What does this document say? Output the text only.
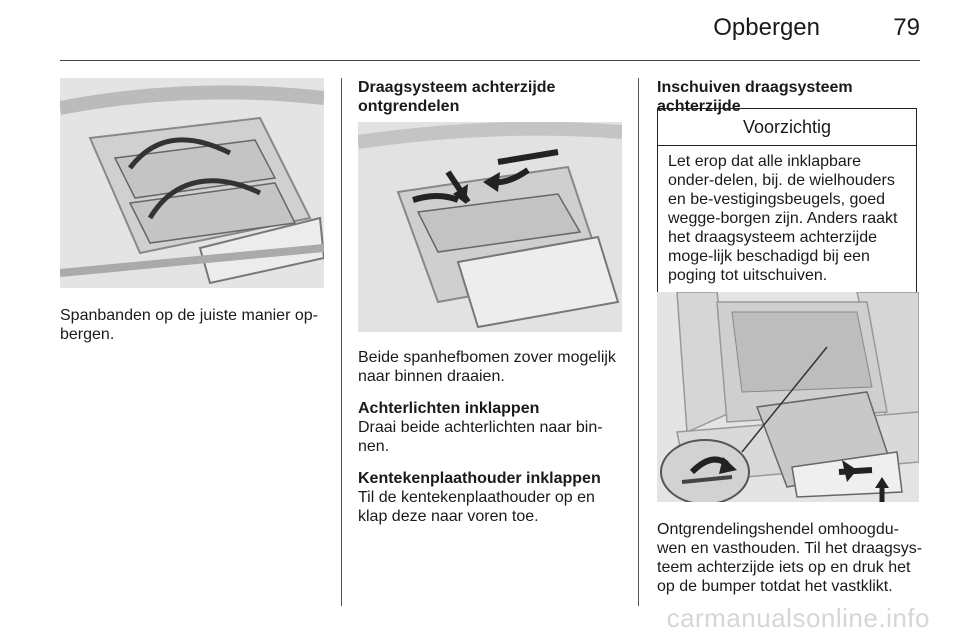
Opbergen	79

Spanbanden op de juiste manier op-bergen.

Draagsysteem achterzijde ontgrendelen

Beide spanhefbomen zover mogelijk naar binnen draaien.

Achterlichten inklappen

Draai beide achterlichten naar bin-nen.

Kentekenplaathouder inklappen

Til de kentekenplaathouder op en klap deze naar voren toe.

Inschuiven draagsysteem achterzijde

Voorzichtig
Let erop dat alle inklapbare onder-delen, bij. de wielhouders en be-vestigingsbeugels, goed wegge-borgen zijn. Anders raakt het draagsysteem achterzijde moge-lijk beschadigd bij een poging tot uitschuiven.

Ontgrendelingshendel omhoogdu-wen en vasthouden. Til het draagsys-teem achterzijde iets op en druk het op de bumper totdat het vastklikt.

carmanualsonline.info
